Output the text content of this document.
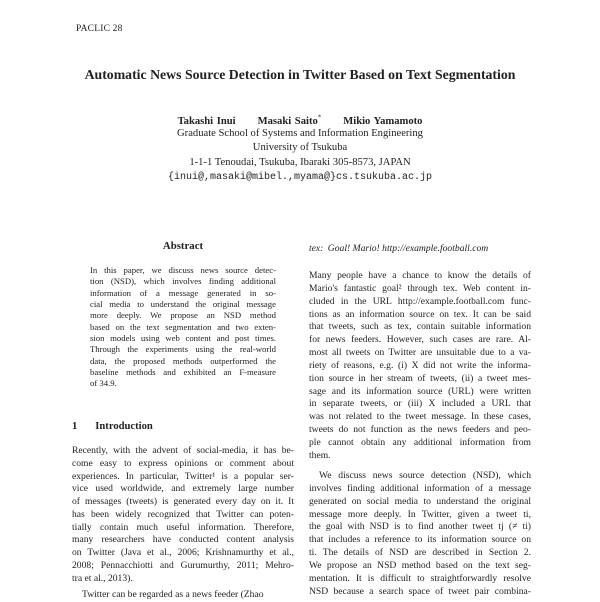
PACLIC 28
Automatic News Source Detection in Twitter Based on Text Segmentation
Takashi Inui Masaki Saito* Mikio Yamamoto
Graduate School of Systems and Information Engineering
University of Tsukuba
1-1-1 Tenoudai, Tsukuba, Ibaraki 305-8573, JAPAN
{inui@,masaki@mibel.,myama@}cs.tsukuba.ac.jp
Abstract
In this paper, we discuss news source detec-
tion (NSD), which involves finding additional
information of a message generated in so-
cial media to understand the original message
more deeply. We propose an NSD method
based on the text segmentation and two exten-
sion models using web content and post times.
Through the experiments using the real-world
data, the proposed methods outperformed the
baseline methods and exhibited an F-measure
of 34.9.
1 Introduction
Recently, with the advent of social-media, it has be-
come easy to express opinions or comment about
experiences. In particular, Twitter¹ is a popular ser-
vice used worldwide, and extremely large number
of messages (tweets) is generated every day on it. It
has been widely recognized that Twitter can poten-
tially contain much useful information. Therefore,
many researchers have conducted content analysis
on Twitter (Java et al., 2006; Krishnamurthy et al.,
2008; Pennacchiotti and Gurumurthy, 2011; Mehro-
tra et al., 2013).
Twitter can be regarded as a news feeder (Zhao
tex: Goal! Mario! http://example.football.com
Many people have a chance to know the details of
Mario's fantastic goal² through tex. Web content in-
cluded in the URL http://example.football.com func-
tions as an information source on tex. It can be said
that tweets, such as tex, contain suitable information
for news feeders. However, such cases are rare. Al-
most all tweets on Twitter are unsuitable due to a va-
riety of reasons, e.g. (i) X did not write the informa-
tion source in her stream of tweets, (ii) a tweet mes-
sage and its information source (URL) were written
in separate tweets, or (iii) X included a URL that
was not related to the tweet message. In these cases,
tweets do not function as the news feeders and peo-
ple cannot obtain any additional information from
them.
We discuss news source detection (NSD), which
involves finding additional information of a message
generated on social media to understand the original
message more deeply. In Twitter, given a tweet ti,
the goal with NSD is to find another tweet tj (≠ ti)
that includes a reference to its information source on
ti. The details of NSD are described in Section 2.
We propose an NSD method based on the text seg-
mentation. It is difficult to straightforwardly resolve
NSD because a search space of tweet pair combina-
